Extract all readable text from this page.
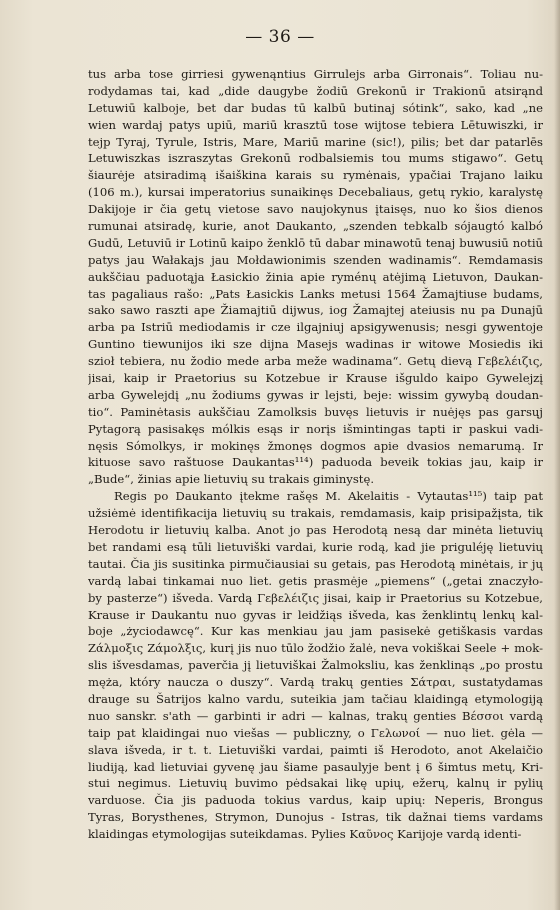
— 36 —
tus arba tose girriesi gywenąntius Girrulejs arba Girronais“. Toliau nu-
rodydamas tai, kad „dide daugybe žodiū Grekonū ir Trakionū atsirąnd
Letuwiū kalboje, bet dar budas tū kalbū butinaj sótink“, sako, kad „ne
wien wardaj patys upiū, mariū krasztū tose wijtose tebiera Lētuwiszki, ir
tejp Tyraj, Tyrule, Istris, Mare, Mariū marine (sic!), pilis; bet dar patarlēs
Letuwiszkas iszraszytas Grekonū rodbalsiemis tou mums stigawo“. Getų
šiaurėje atsiradimą išaiškina karais su rymėnais, ypačiai Trajano laiku
(106 m.), kursai imperatorius sunaikinęs Decebaliaus, getų rykio, karalystę
Dakijoje ir čia getų vietose savo naujokynus įtaisęs, nuo ko šios dienos
rumunai atsiradę, kurie, anot Daukanto, „szenden tebkalb sójaugtó kalbó
Gudū, Letuviū ir Lotinū kaipo ženklō tū dabar minawotū tenaj buwusiū notiū
patys jau Wałakajs jau Mołdawionimis szenden wadinamis“. Remdamasis
aukščiau paduotąja Łasickio žinia apie ryménų atėjimą Lietuvon, Daukan-
tas pagaliaus rašo: „Pats Łasickis Lanks metusi 1564 Žamajtiuse budams,
sako sawo raszti ape Žiamajtiū dijwus, iog Žamajtej ateiusis nu pa Dunajū
arba pa Istriū mediodamis ir cze ilgajniuj apsigywenusis; nesgi gywentoje
Guntino tiewunijos iki sze dijna Masejs wadinas ir witowe Mosiedis iki
szioł tebiera, nu žodio mede arba meže wadinama“. Getų dievą Γεβελέιζις,
jisai, kaip ir Praetorius su Kotzebue ir Krause išguldo kaipo Gywelejzį
arba Gywelejdį „nu žodiums gywas ir lejsti, beje: wissim gywybą doudan-
tio“. Paminėtasis aukščiau Zamolksis buvęs lietuvis ir nuėjęs pas garsųj
Pytagorą pasisakęs mólkis esąs ir norįs išmintingas tapti ir paskui vadi-
nęsis Sómolkys, ir mokinęs žmonęs dogmos apie dvasios nemarumą. Ir
kituose savo raštuose Daukantas¹¹⁴) paduoda beveik tokias jau, kaip ir
„Bude“, žinias apie lietuvių su trakais giminystę.
Regis po Daukanto įtekme rašęs M. Akelaitis - Vytautas¹¹⁵) taip pat
užsiėmė identifikacija lietuvių su trakais, remdamasis, kaip prisipažįsta, tik
Herodotu ir lietuvių kalba. Anot jo pas Herodotą nesą dar minėta lietuvių
bet randami esą tūli lietuviški vardai, kurie rodą, kad jie priguléję lietuvių
tautai. Čia jis susitinka pirmučiausiai su getais, pas Herodotą minėtais, ir jų
vardą labai tinkamai nuo liet. getis prasmėje „piemens“ („getai znaczyło-
by pasterze“) išveda. Vardą Γεβελέιζις jisai, kaip ir Praetorius su Kotzebue,
Krause ir Daukantu nuo gyvas ir leidžiąs išveda, kas ženklintų lenkų kal-
boje „życiodawcę“. Kur kas menkiau jau jam pasisekė getiškasis vardas
Ζάλμοξις Ζάμολξις, kurį jis nuo tūlo žodžio žalė, neva vokiškai Seele + mok-
slis išvesdamas, paverčia jį lietuviškai Žalmoksliu, kas ženklinąs „po prostu
męża, który naucza o duszy“. Vardą trakų genties Σάτραι, sustatydamas
drauge su Šatrijos kalno vardu, suteikia jam tačiau klaidingą etymologiją
nuo sanskr. s'ath — garbinti ir adri — kalnas, trakų genties Βέσσοι vardą
taip pat klaidingai nuo viešas — publiczny, o Γελωνοί — nuo liet. gėla —
slava išveda, ir t. t. Lietuviški vardai, paimti iš Herodoto, anot Akelaičio
liudiją, kad lietuviai gyvenę jau šiame pasaulyje bent į 6 šimtus metų, Kri-
stui negimus. Lietuvių buvimo pėdsakai likę upių, ežerų, kalnų ir pylių
varduose. Čia jis paduoda tokius vardus, kaip upių: Neperis, Brongus
Tyras, Borysthenes, Strymon, Dunojus - Istras, tik dažnai tiems vardams
klaidingas etymologijas suteikdamas. Pylies Καῦνος Karijoje vardą identi-
